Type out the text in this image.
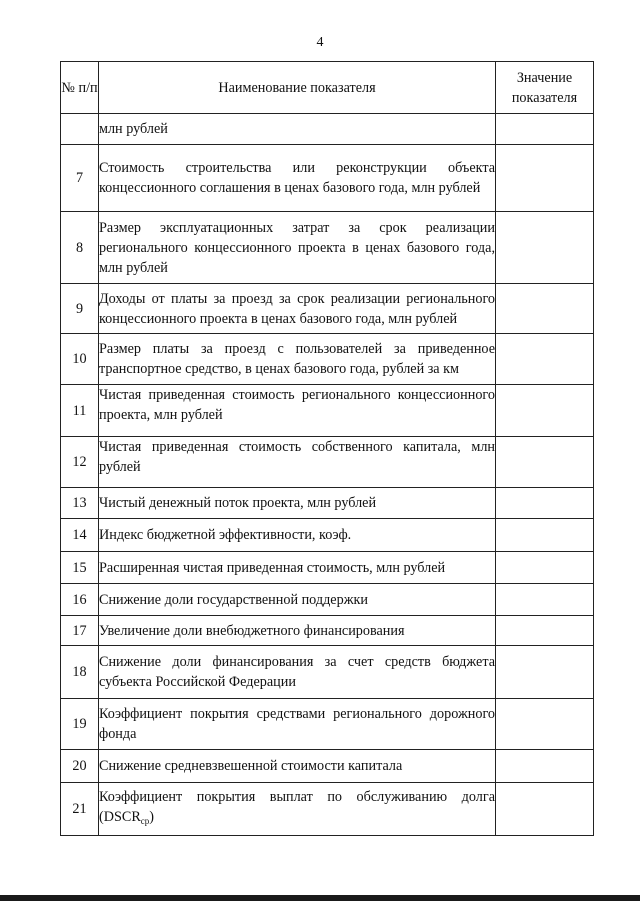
4
№ п/п	Наименование показателя	Значение показателя
	млн рублей	
7	Стоимость строительства или реконструкции объекта концессионного соглашения в ценах базового года, млн рублей	
8	Размер эксплуатационных затрат за срок реализации регионального концессионного проекта в ценах базового года, млн рублей	
9	Доходы от платы за проезд за срок реализации регионального концессионного проекта в ценах базового года, млн рублей	
10	Размер платы за проезд с пользователей за приведенное транспортное средство, в ценах базового года, рублей за км	
11	Чистая приведенная стоимость регионального концессионного проекта, млн рублей	
12	Чистая приведенная стоимость собственного капитала, млн рублей	
13	Чистый денежный поток проекта, млн рублей	
14	Индекс бюджетной эффективности, коэф.	
15	Расширенная чистая приведенная стоимость, млн рублей	
16	Снижение доли государственной поддержки	
17	Увеличение доли внебюджетного финансирования	
18	Снижение доли финансирования за счет средств бюджета субъекта Российской Федерации	
19	Коэффициент покрытия средствами регионального дорожного фонда	
20	Снижение средневзвешенной стоимости капитала	
21	Коэффициент покрытия выплат по обслуживанию долга $(DSCR_{ср})$	
